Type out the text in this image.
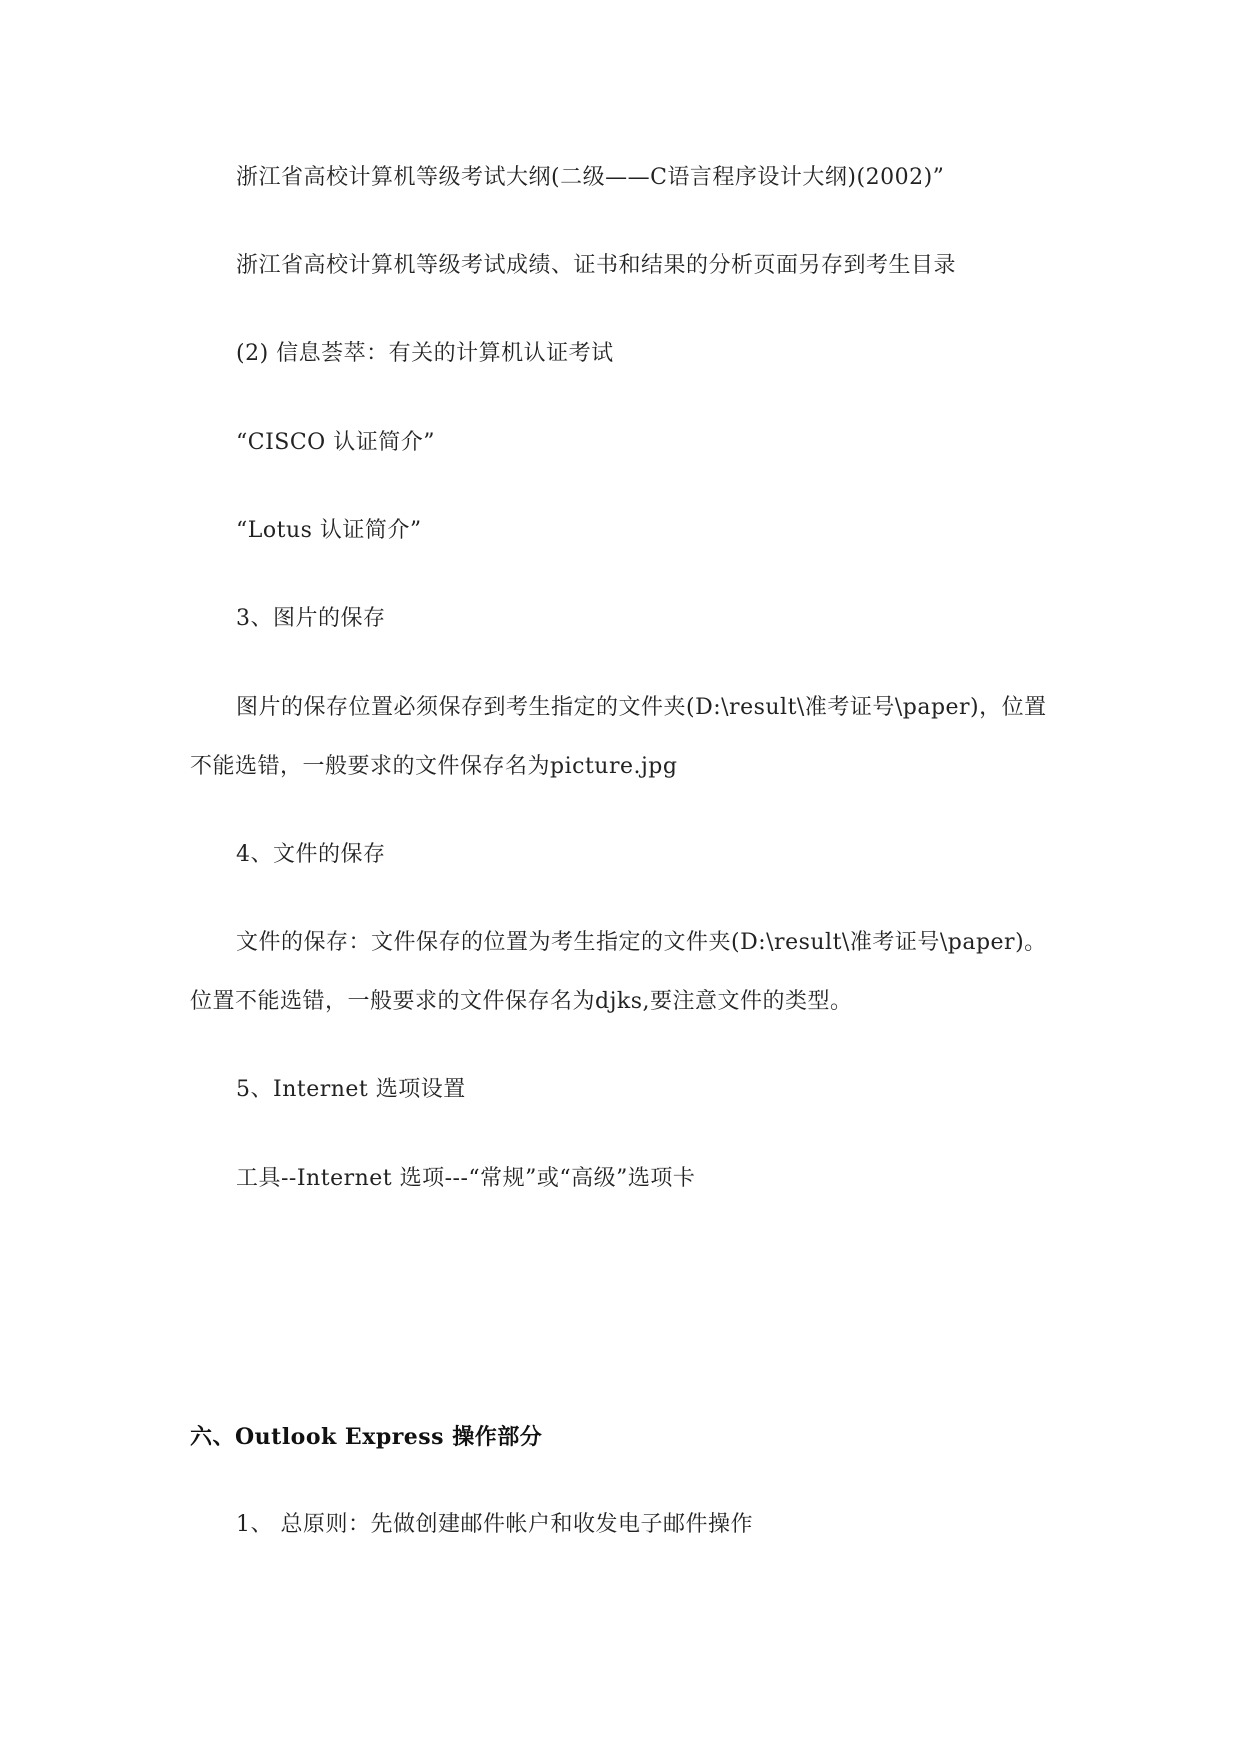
浙江省高校计算机等级考试大纲(二级——C语言程序设计大纲)(2002)”
浙江省高校计算机等级考试成绩、证书和结果的分析页面另存到考生目录
(2) 信息荟萃：有关的计算机认证考试
“CISCO 认证简介”
“Lotus 认证简介”
3、图片的保存
图片的保存位置必须保存到考生指定的文件夹(D:\result\准考证号\paper)，位置
不能选错，一般要求的文件保存名为picture.jpg
4、文件的保存
文件的保存：文件保存的位置为考生指定的文件夹(D:\result\准考证号\paper)。
位置不能选错，一般要求的文件保存名为djks,要注意文件的类型。
5、Internet 选项设置
工具--Internet 选项---“常规”或“高级”选项卡
六、Outlook Express 操作部分
1、 总原则：先做创建邮件帐户和收发电子邮件操作
